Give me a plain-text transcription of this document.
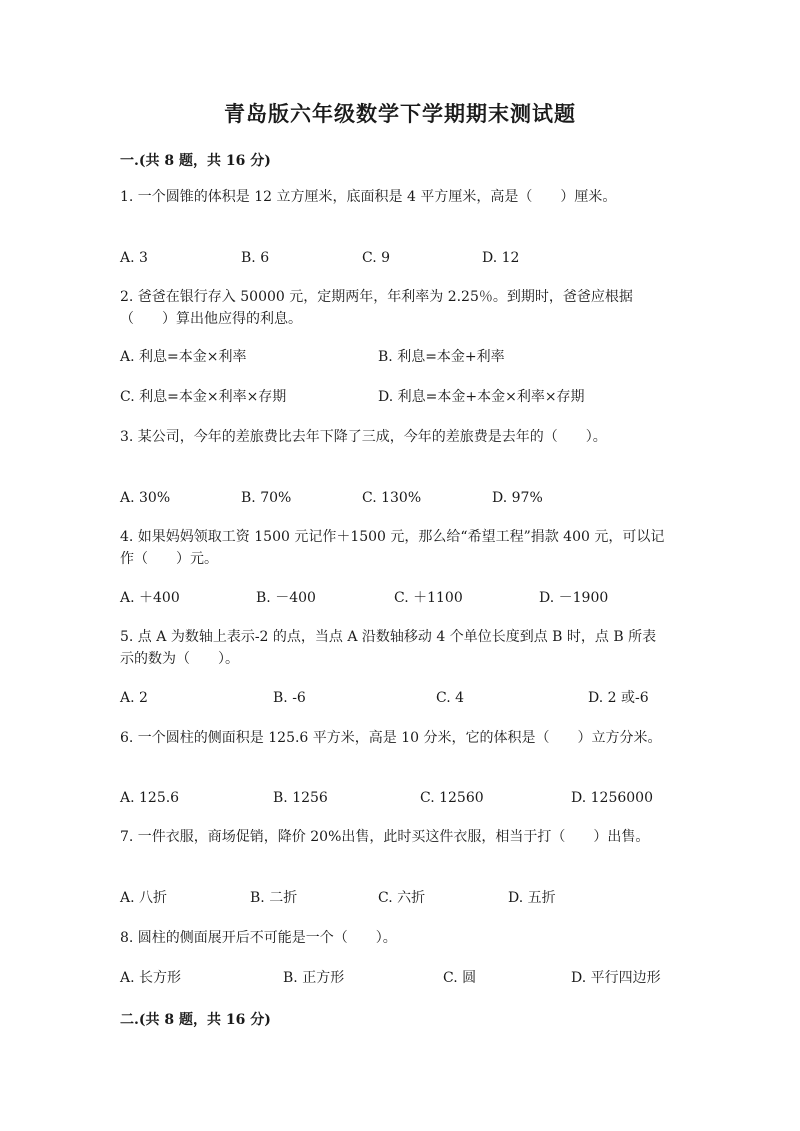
青岛版六年级数学下学期期末测试题
一.(共 8 题，共 16 分)
1. 一个圆锥的体积是 12 立方厘米，底面积是 4 平方厘米，高是（　　）厘米。
A. 3	B. 6	C. 9	D. 12
2. 爸爸在银行存入 50000 元，定期两年，年利率为 2.25％。到期时，爸爸应根据（　　）算出他应得的利息。
A. 利息=本金×利率	B. 利息=本金+利率
C. 利息=本金×利率×存期	D. 利息=本金+本金×利率×存期
3. 某公司，今年的差旅费比去年下降了三成，今年的差旅费是去年的（　　）。
A. 30%	B. 70%	C. 130%	D. 97%
4. 如果妈妈领取工资 1500 元记作＋1500 元，那么给“希望工程”捐款 400 元，可以记作（　　）元。
A. ＋400	B. －400	C. ＋1100	D. －1900
5. 点 A 为数轴上表示-2 的点，当点 A 沿数轴移动 4 个单位长度到点 B 时，点 B 所表示的数为（　　）。
A. 2	B. -6	C. 4	D. 2 或-6
6. 一个圆柱的侧面积是 125.6 平方米，高是 10 分米，它的体积是（　　）立方分米。
A. 125.6	B. 1256	C. 12560	D. 1256000
7. 一件衣服，商场促销，降价 20%出售，此时买这件衣服，相当于打（　　）出售。
A. 八折	B. 二折	C. 六折	D. 五折
8. 圆柱的侧面展开后不可能是一个（　　）。
A. 长方形	B. 正方形	C. 圆	D. 平行四边形
二.(共 8 题，共 16 分)
